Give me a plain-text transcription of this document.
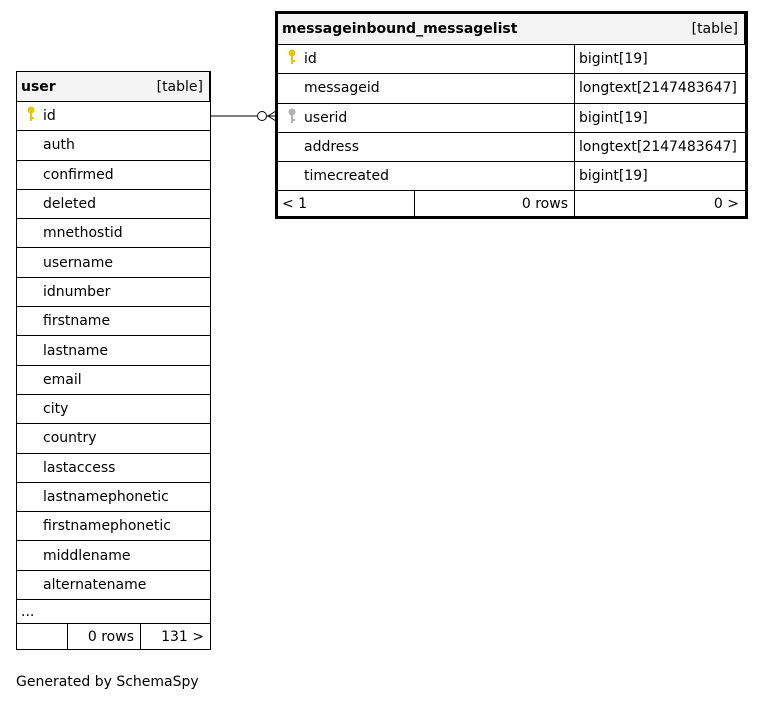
user	[table]
id
auth
confirmed
deleted
mnethostid
username
idnumber
firstname
lastname
email
city
country
lastaccess
lastnamephonetic
firstnamephonetic
middlename
alternatename
...
0 rows	131 >
messageinbound_messagelist	[table]
id	bigint[19]
messageid	longtext[2147483647]
userid	bigint[19]
address	longtext[2147483647]
timecreated	bigint[19]
< 1	0 rows	0 >
Generated by SchemaSpy
